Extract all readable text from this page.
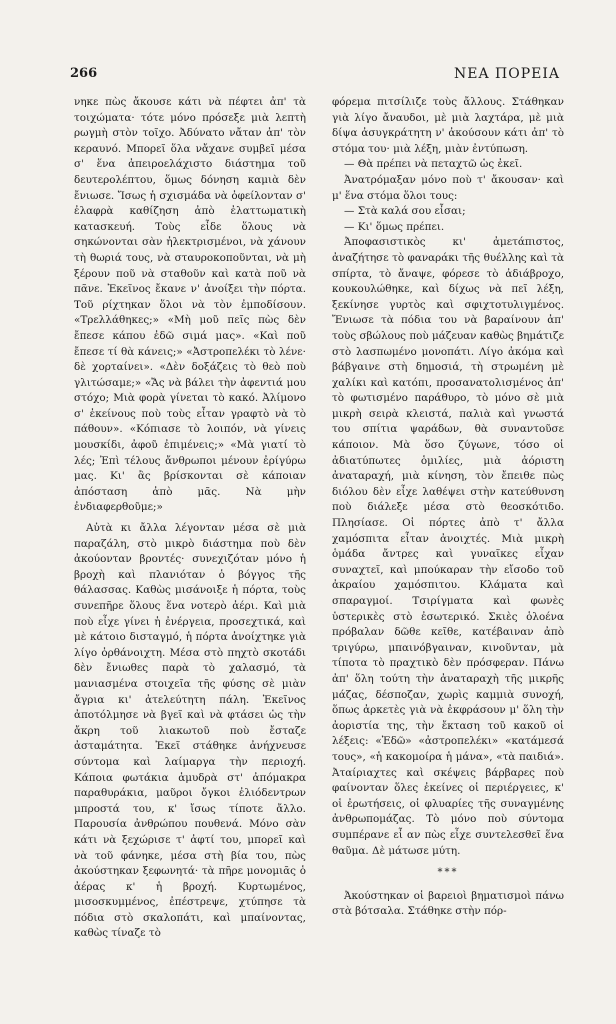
266	ΝΕΑ ΠΟΡΕΙΑ

νηκε πὼς ἄκουσε κάτι νὰ πέφτει ἀπ' τὰ τοιχώματα· τότε μόνο πρόσεξε μιὰ λεπτὴ ρωγμὴ στὸν τοῖχο. Ἀδύνατο νἄταν ἀπ' τὸν κεραυνό. Μπορεῖ ὅλα νἄχανε συμβεῖ μέσα σ' ἕνα ἀπειροελάχιστο διάστημα τοῦ δευτερολέπτου, ὅμως δόνηση καμιὰ δὲν ἔνιωσε. Ἴσως ἡ σχισμάδα νὰ ὀφείλονταν σ' ἐλαφρὰ καθίζηση ἀπὸ ἐλαττωματικὴ κατασκευή. Τοὺς εἶδε ὅλους νὰ σηκώνονται σὰν ἠλεκτρισμένοι, νὰ χάνουν τὴ θωριά τους, νὰ σταυροκοποῦνται, νὰ μὴ ξέρουν ποῦ νὰ σταθοῦν καὶ κατὰ ποῦ νὰ πᾶνε. Ἐκεῖνος ἔκανε ν' ἀνοίξει τὴν πόρτα. Τοῦ ρίχτηκαν ὅλοι νὰ τὸν ἐμποδίσουν. «Τρελλάθηκες;» «Μὴ μοῦ πεῖς πὼς δὲν ἔπεσε κάπου ἐδῶ σιμά μας». «Καὶ ποῦ ἔπεσε τί θὰ κάνεις;» «Ἀστροπελέκι τὸ λένε· δὲ χορταίνει». «Δὲν δοξάζεις τὸ θεὸ ποὺ γλιτώσαμε;» «Ἄς νὰ βάλει τὴν ἀφεντιά μου στόχο; Μιὰ φορὰ γίνεται τὸ κακό. Ἀλίμονο σ' ἐκείνους ποὺ τοὺς εἶταν γραφτὸ νὰ τὸ πάθουν». «Κόπιασε τὸ λοιπόν, νὰ γίνεις μουσκίδι, ἀφοῦ ἐπιμένεις;» «Μὰ γιατί τὸ λές; Ἐπὶ τέλους ἄνθρωποι μένουν ἐρίγύρω μας. Κι' ἂς βρίσκονται σὲ κάποιαν ἀπόσταση ἀπὸ μᾶς. Νὰ μὴν ἐνδιαφερθοῦμε;»

Αὐτὰ κι ἄλλα λέγονταν μέσα σὲ μιὰ παραζάλη, στὸ μικρὸ διάστημα ποὺ δὲν ἀκούονταν βροντές· συνεχιζόταν μόνο ἡ βροχὴ καὶ πλανιόταν ὁ βόγγος τῆς θάλασσας. Καθὼς μισάνοιξε ἡ πόρτα, τοὺς συνεπῆρε ὅλους ἕνα νοτερὸ ἀέρι. Καὶ μιὰ ποὺ εἶχε γίνει ἡ ἐνέργεια, προσεχτικά, καὶ μὲ κάτοιο δισταγμό, ἡ πόρτα ἀνοίχτηκε γιὰ λίγο ὀρθάνοιχτη. Μέσα στὸ πηχτὸ σκοτάδι δὲν ἔνιωθες παρὰ τὸ χαλασμό, τὰ μανιασμένα στοιχεῖα τῆς φύσης σὲ μιὰν ἄγρια κι' ἀτελεύτητη πάλη. Ἐκεῖνος ἀποτόλμησε νὰ βγεῖ καὶ νὰ φτάσει ὡς τὴν ἄκρη τοῦ λιακωτοῦ ποὺ ἔσταζε ἀσταμάτητα. Ἐκεῖ στάθηκε ἀνήχνευσε σύντομα καὶ λαίμαργα τὴν περιοχή. Κάποια φωτάκια ἀμυδρὰ στ' ἀπόμακρα παραθυράκια, μαῦροι ὄγκοι ἐλιόδεντρων μπροστά του, κ' ἴσως τίποτε ἄλλο. Παρουσία ἀνθρώπου πουθενά. Μόνο σὰν κάτι νὰ ξεχώρισε τ' ἀφτί του, μπορεῖ καὶ νὰ τοῦ φάνηκε, μέσα στὴ βία του, πὼς ἀκούστηκαν ξεφωνητά· τὰ πῆρε μονομιᾶς ὁ ἀέρας κ' ἡ βροχή. Κυρτωμένος, μισοσκυμμένος, ἐπέστρεψε, χτύπησε τὰ πόδια στὸ σκαλοπάτι, καὶ μπαίνοντας, καθὼς τίναζε τὸ

φόρεμα πιτσίλιζε τοὺς ἄλλους. Στάθηκαν γιὰ λίγο ἄναυδοι, μὲ μιὰ λαχτάρα, μὲ μιὰ δίψα ἀσυγκράτητη ν' ἀκούσουν κάτι ἀπ' τὸ στόμα του· μιὰ λέξη, μιὰν ἐντύπωση.

— Θὰ πρέπει νὰ πεταχτῶ ὡς ἐκεῖ.

Ἀνατρόμαξαν μόνο ποὺ τ' ἄκουσαν· καὶ μ' ἕνα στόμα ὅλοι τους:

— Στὰ καλά σου εἶσαι;

— Κι' ὅμως πρέπει.

Ἀποφασιστικὸς κι' ἀμετάπιστος, ἀναζήτησε τὸ φαναράκι τῆς θυέλλης καὶ τὰ σπίρτα, τὸ ἄναψε, φόρεσε τὸ ἀδιάβροχο, κουκουλώθηκε, καὶ δίχως νὰ πεῖ λέξη, ξεκίνησε γυρτὸς καὶ σφιχτοτυλιγμένος. Ἔνιωσε τὰ πόδια του νὰ βαραίνουν ἀπ' τοὺς σβώλους ποὺ μάζευαν καθὼς βημάτιζε στὸ λασπωμένο μονοπάτι. Λίγο ἀκόμα καὶ βάβγαινε στὴ δημοσιά, τὴ στρωμένη μὲ χαλίκι καὶ κατόπι, προσανατολισμένος ἀπ' τὸ φωτισμένο παράθυρο, τὸ μόνο σὲ μιὰ μικρὴ σειρὰ κλειστά, παλιὰ καὶ γνωστά του σπίτια ψαράδων, θὰ συναντοῦσε κάποιον. Μὰ ὅσο ζύγωνε, τόσο οἱ ἀδιατύπωτες ὁμιλίες, μιὰ ἀόριστη ἀναταραχή, μιὰ κίνηση, τὸν ἔπειθε πὼς διόλου δὲν εἶχε λαθέψει στὴν κατεύθυνση ποὺ διάλεξε μέσα στὸ θεοσκότιδο. Πλησίασε. Οἱ πόρτες ἀπὸ τ' ἄλλα χαμόσπιτα εἶταν ἀνοιχτές. Μιὰ μικρὴ ὁμάδα ἄντρες καὶ γυναῖκες εἶχαν συναχτεῖ, καὶ μπούκαραν τὴν εἴσοδο τοῦ ἀκραίου χαμόσπιτου. Κλάματα καὶ σπαραγμοί. Τσιρίγματα καὶ φωνὲς ὑστερικὲς στὸ ἐσωτερικό. Σκιὲς ὁλοένα πρόβαλαν δῶθε κεῖθε, κατέβαιναν ἀπὸ τριγύρω, μπαινόβγαιναν, κινοῦνταν, μὰ τίποτα τὸ πραχτικὸ δὲν πρόσφεραν. Πάνω ἀπ' ὅλη τούτη τὴν ἀναταραχὴ τῆς μικρῆς μάζας, δέσποζαν, χωρὶς καμμιὰ συνοχή, ὅπως ἀρκετὲς γιὰ νὰ ἐκφράσουν μ' ὅλη τὴν ἀοριστία της, τὴν ἔκταση τοῦ κακοῦ οἱ λέξεις: «Ἐδῶ» «ἀστροπελέκι» «κατάμεσά τους», «ἡ κακομοίρα ἡ μάνα», «τὰ παιδιά». Ἀταίριαχτες καὶ σκέψεις βάρβαρες ποὺ φαίνονταν ὅλες ἐκείνες οἱ περιέργειες, κ' οἱ ἐρωτήσεις, οἱ φλυαρίες τῆς συναγμένης ἀνθρωπομάζας. Τὸ μόνο ποὺ σύντομα συμπέρανε εἶ αν πὼς εἶχε συντελεσθεῖ ἕνα θαῦμα. Δὲ μάτωσε μύτη.

***

Ἀκούστηκαν οἱ βαρειοὶ βηματισμοὶ πάνω στὰ βότσαλα. Στάθηκε στὴν πόρ-
